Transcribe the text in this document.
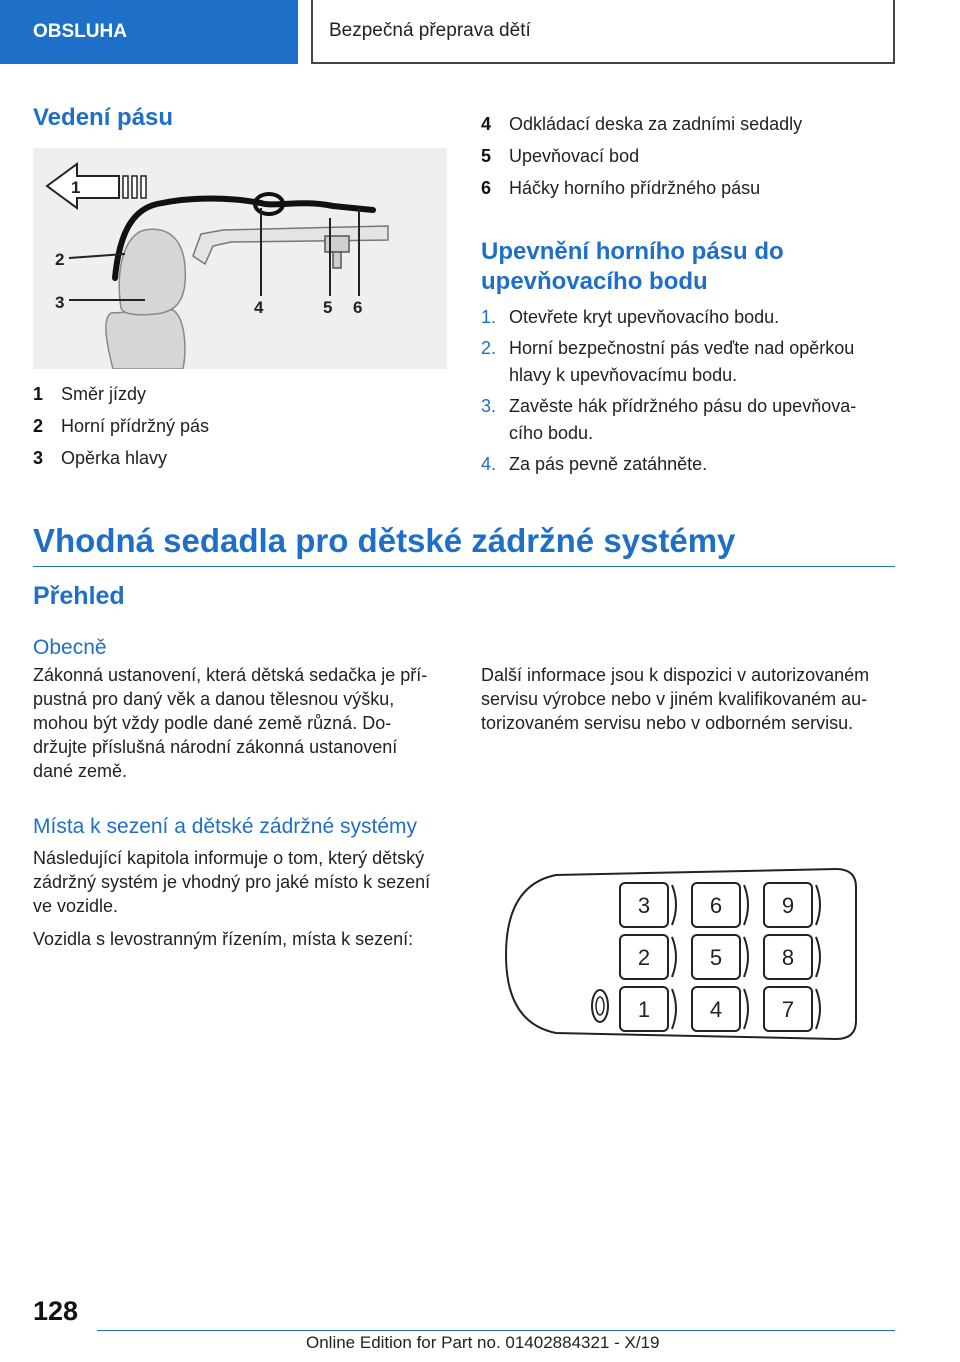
OBSLUHA	Bezpečná přeprava dětí
Vedení pásu
1
2
3	4	5 6
1 Směr jízdy
2 Horní přídržný pás
3 Opěrka hlavy
4 Odkládací deska za zadními sedadly
5 Upevňovací bod
6 Háčky horního přídržného pásu
Upevnění horního pásu do
upevňovacího bodu
1. Otevřete kryt upevňovacího bodu.
2. Horní bezpečnostní pás veďte nad opěrkou
hlavy k upevňovacímu bodu.
3. Zavěste hák přídržného pásu do upevňova‐
cího bodu.
4. Za pás pevně zatáhněte.
Vhodná sedadla pro dětské zádržné systémy
Přehled
Obecně

Zákonná ustanovení, která dětská sedačka je pří‐
pustná pro daný věk a danou tělesnou výšku,
mohou být vždy podle dané země různá. Do‐
držujte příslušná národní zákonná ustanovení
dané země.

Další informace jsou k dispozici v autorizovaném
servisu výrobce nebo v jiném kvalifikovaném au‐
torizovaném servisu nebo v odborném servisu.

Místa k sezení a dětské zádržné systémy

Následující kapitola informuje o tom, který dětský
zádržný systém je vhodný pro jaké místo k sezení
ve vozidle.

Vozidla s levostranným řízením, místa k sezení:

3	6	9
2	5	8
1	4	7
128
Online Edition for Part no. 01402884321 - X/19
